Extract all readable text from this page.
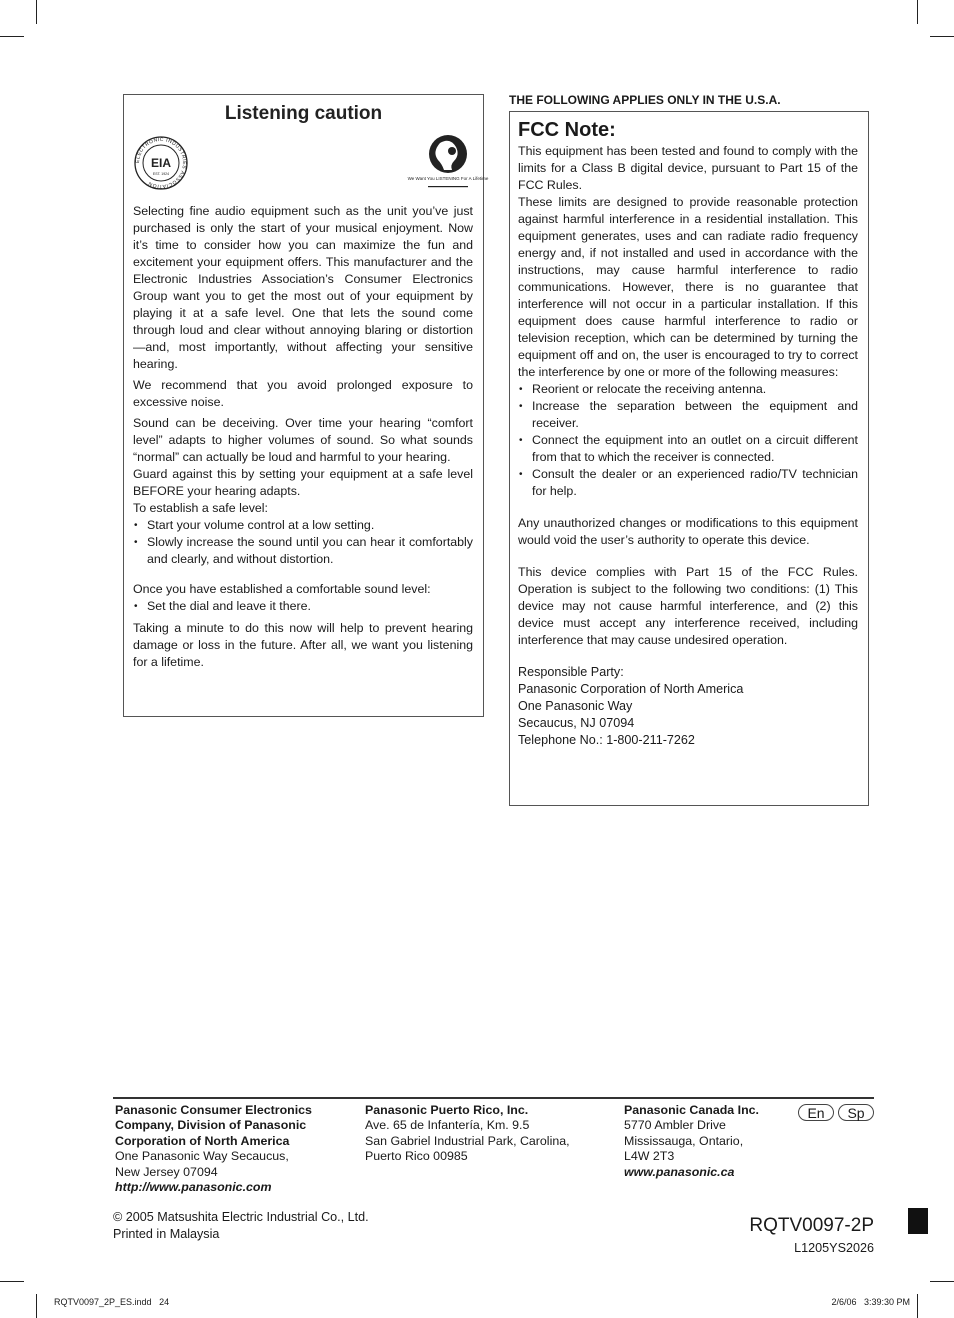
Listening caution
ELECTRONIC INDUSTRIES ASSOCIATION
EIA
EST. 1924
We Want You LISTENING For A Lifetime

Selecting fine audio equipment such as the unit you’ve just purchased is only the start of your musical enjoyment. Now it’s time to consider how you can maximize the fun and excitement your equipment offers. This manufacturer and the Electronic Industries Association’s Consumer Electronics Group want you to get the most out of your equipment by playing it at a safe level. One that lets the sound come through loud and clear without annoying blaring or distortion—and, most importantly, without affecting your sensitive hearing.

We recommend that you avoid prolonged exposure to excessive noise.

Sound can be deceiving. Over time your hearing “comfort level” adapts to higher volumes of sound. So what sounds “normal” can actually be loud and harmful to your hearing.

Guard against this by setting your equipment at a safe level BEFORE your hearing adapts.

To establish a safe level:

• Start your volume control at a low setting.

• Slowly increase the sound until you can hear it comfortably and clearly, and without distortion.

Once you have established a comfortable sound level:

• Set the dial and leave it there.

Taking a minute to do this now will help to prevent hearing damage or loss in the future. After all, we want you listening for a lifetime.

THE FOLLOWING APPLIES ONLY IN THE U.S.A.
FCC Note:

This equipment has been tested and found to comply with the limits for a Class B digital device, pursuant to Part 15 of the FCC Rules.

These limits are designed to provide reasonable protection against harmful interference in a residential installation. This equipment generates, uses and can radiate radio frequency energy and, if not installed and used in accordance with the instructions, may cause harmful interference to radio communications. However, there is no guarantee that interference will not occur in a particular installation. If this equipment does cause harmful interference to radio or television reception, which can be determined by turning the equipment off and on, the user is encouraged to try to correct the interference by one or more of the following measures:

• Reorient or relocate the receiving antenna.

• Increase the separation between the equipment and receiver.

• Connect the equipment into an outlet on a circuit different from that to which the receiver is connected.

• Consult the dealer or an experienced radio/TV technician for help.

Any unauthorized changes or modifications to this equipment would void the user’s authority to operate this device.

This device complies with Part 15 of the FCC Rules. Operation is subject to the following two conditions: (1) This device may not cause harmful interference, and (2) this device must accept any interference received, including interference that may cause undesired operation.

Responsible Party:

Panasonic Corporation of North America

One Panasonic Way

Secaucus, NJ 07094

Telephone No.: 1-800-211-7262

Panasonic Consumer Electronics
Company, Division of Panasonic
Corporation of North America
One Panasonic Way Secaucus,
New Jersey 07094
http://www.panasonic.com
Panasonic Puerto Rico, Inc.
Ave. 65 de Infantería, Km. 9.5
San Gabriel Industrial Park, Carolina,
Puerto Rico 00985
Panasonic Canada Inc.
5770 Ambler Drive
Mississauga, Ontario,
L4W 2T3
www.panasonic.ca
En	Sp
© 2005 Matsushita Electric Industrial Co., Ltd.
Printed in Malaysia	RQTV0097-2P
L1205YS2026
RQTV0097_2P_ES.indd   24	2/6/06   3:39:30 PM
